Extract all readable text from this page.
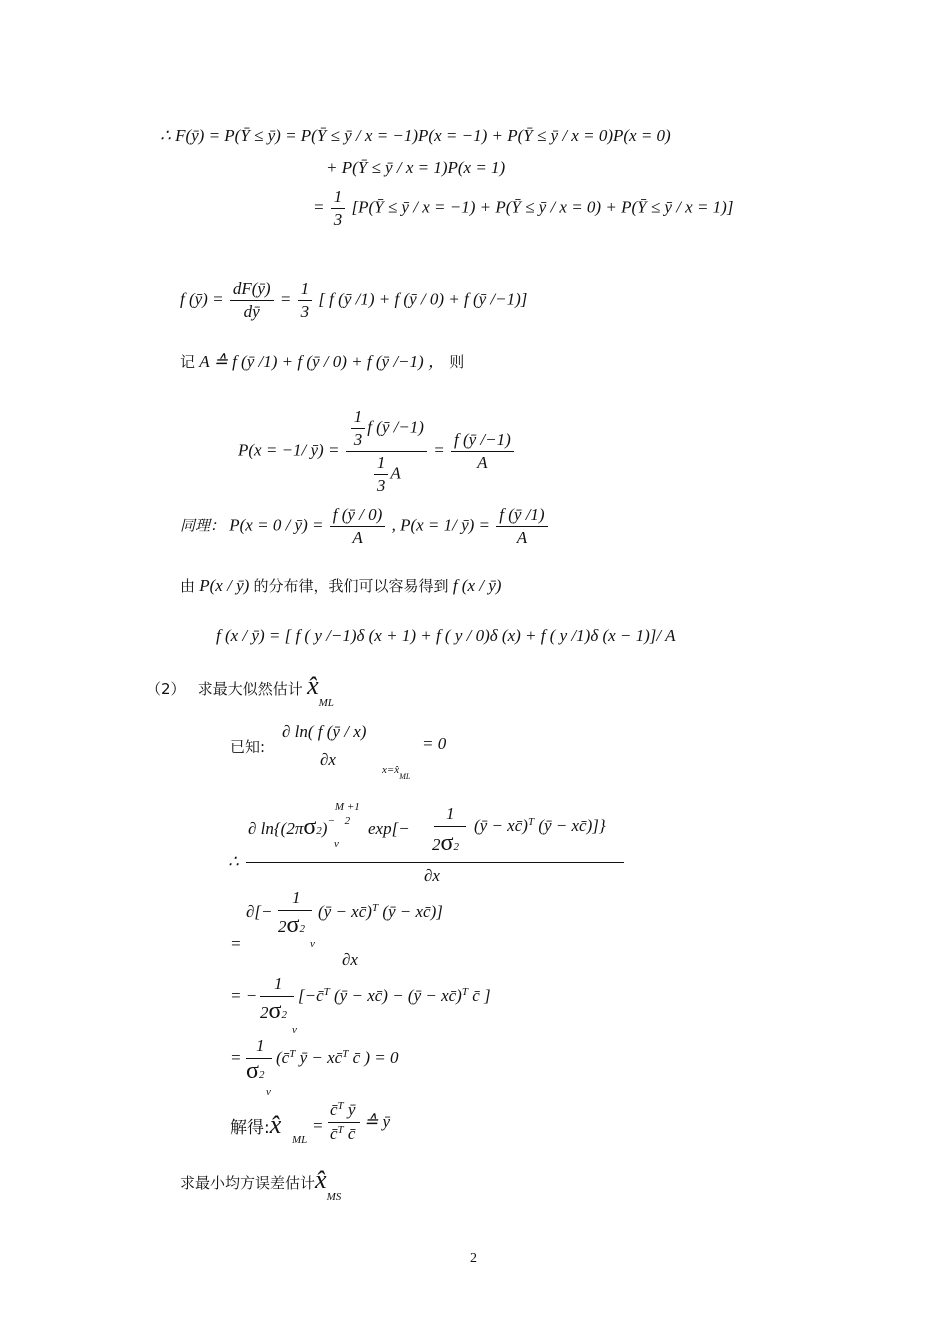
∴ F(ȳ) = P(Ȳ ≤ ȳ) = P(Ȳ ≤ ȳ / x = −1)P(x = −1) + P(Ȳ ≤ ȳ / x = 0)P(x = 0)
+ P(Ȳ ≤ ȳ / x = 1)P(x = 1)
= $\frac{1}{3}$ [P(Ȳ ≤ ȳ / x = −1) + P(Ȳ ≤ ȳ / x = 0) + P(Ȳ ≤ ȳ / x = 1)]
f (ȳ) = $\frac{dF(ȳ)}{dȳ} = \frac{1}{3}$ [ f (ȳ /1) + f (ȳ / 0) + f (ȳ /−1)]
记 A ≙ f (ȳ /1) + f (ȳ / 0) + f (ȳ /−1) ， 则
P(x = −1/ ȳ) = $\frac{\frac{1}{3} f (ȳ /-1)}{\frac{1}{3} A} = \frac{f (ȳ /-1)}{A}$
同理： P(x = 0 / ȳ) = $\frac{f (ȳ / 0)}{A}$ , P(x = 1/ ȳ) = $\frac{f (ȳ /1)}{A}$
由 P(x / ȳ) 的分布律，我们可以容易得到 f (x / ȳ)
f (x / ȳ) = [ f ( y /−1)δ (x + 1) + f ( y / 0)δ (x) + f ( y /1)δ (x − 1)]/ A
（2） 求最大似然估计 $x̂_{ML}$
已知:
∂ ln( f (ȳ / x)
∂x
= 0
$x=x̂_{ML}$
∴
∂ ln{(2πσ2)−
M +1
2	exp[−
v
1
2σ2
(ȳ − xc̄)$^T$ (ȳ − xc̄)]}
∂x
=
∂[−
1
2σ2
v
(ȳ − xc̄)$^T$ (ȳ − xc̄)]
∂x
= −
1
2σ2
v
[−c̄$^T$ (ȳ − xc̄) − (ȳ − xc̄)$^T$ c̄ ]
=
1
σ2
v
(c̄$^T$ ȳ − xc̄$^T$ c̄ ) = 0
解得:x̂
ML
=
c̄$^T$ ȳ
c̄$^T$ c̄
≙ ȳ
求最小均方误差估计$x̂_{MS}$
2
